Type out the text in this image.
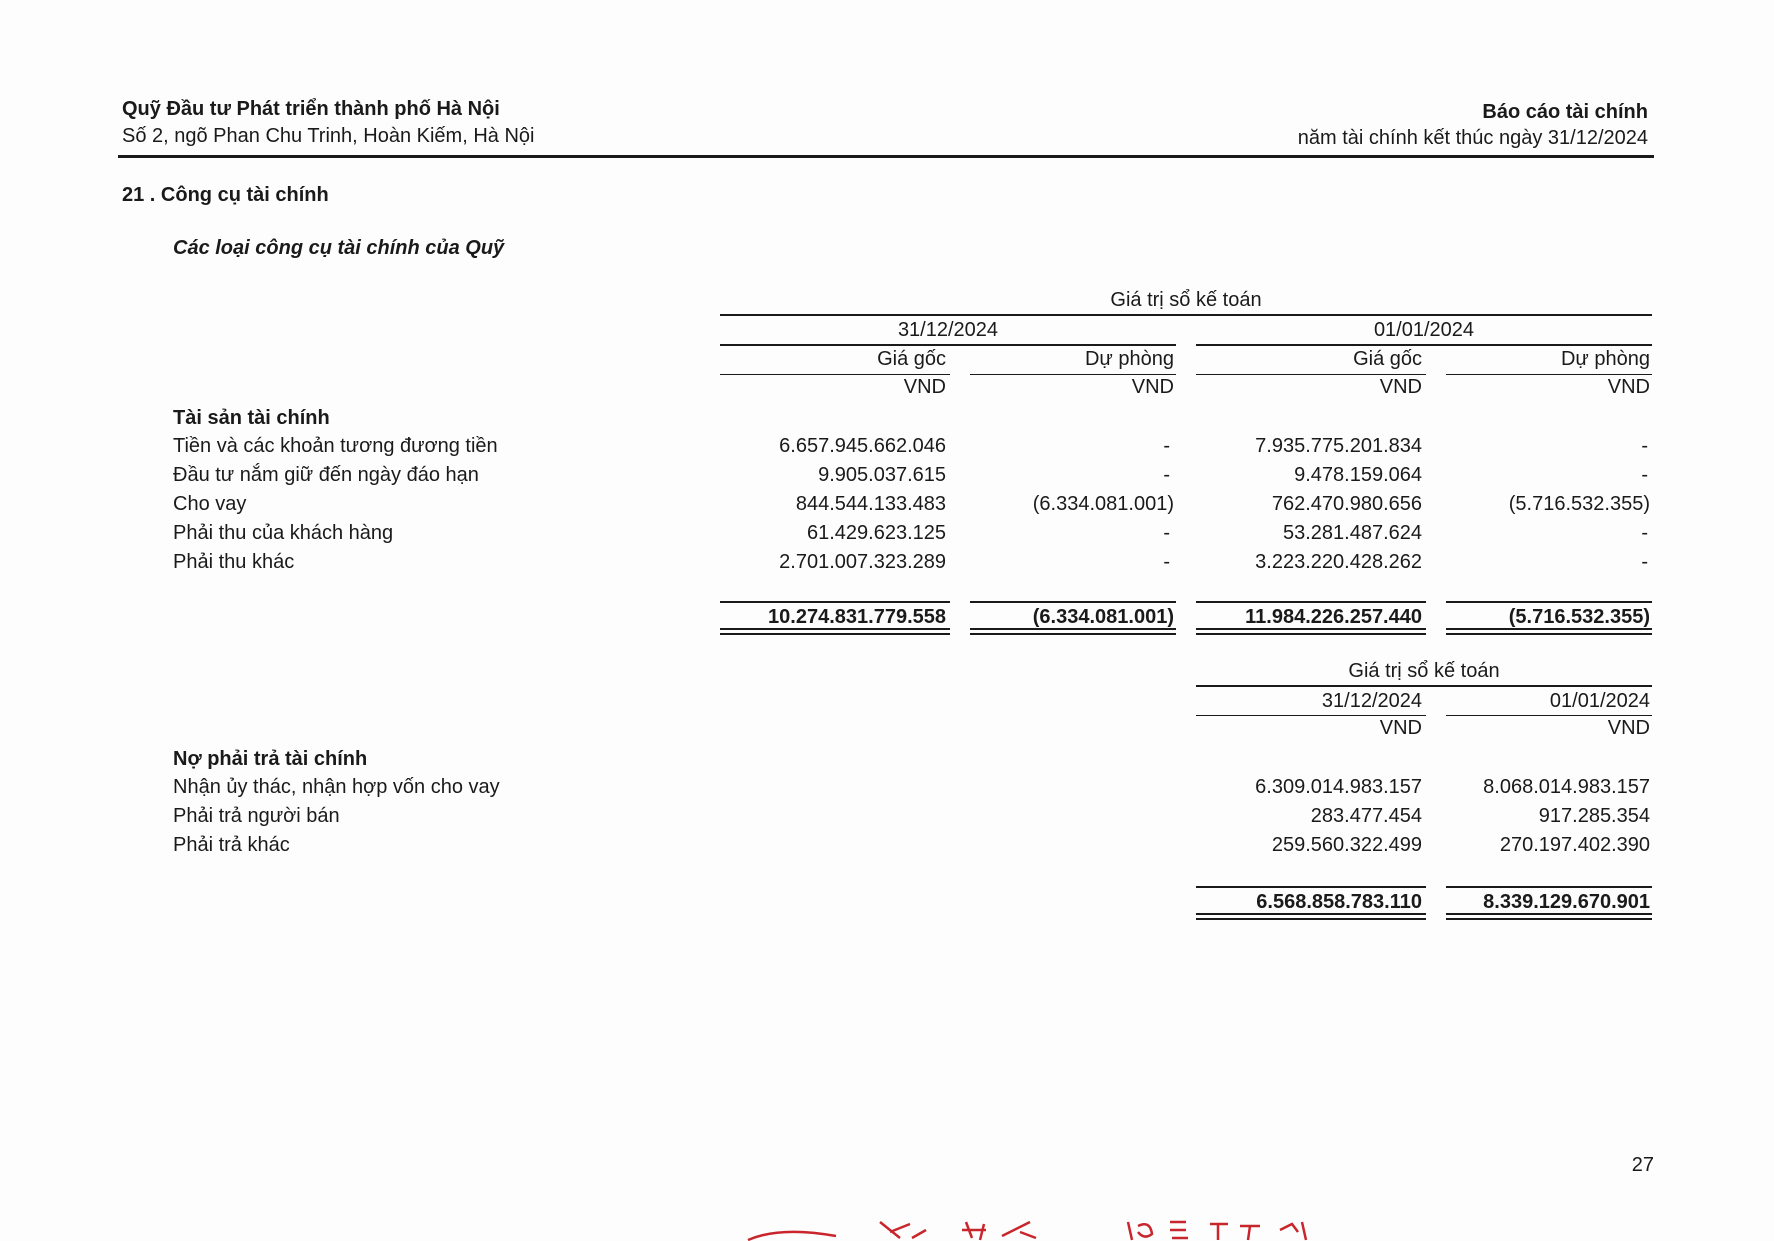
Quỹ Đầu tư Phát triển thành phố Hà Nội
Số 2, ngõ Phan Chu Trinh, Hoàn Kiếm, Hà Nội
Báo cáo tài chính
năm tài chính kết thúc ngày 31/12/2024
21 . Công cụ tài chính
Các loại công cụ tài chính của Quỹ
Giá trị sổ kế toán
31/12/2024	01/01/2024
Giá gốc	Dự phòng	Giá gốc	Dự phòng
VND	VND	VND	VND
Tài sản tài chính
Tiền và các khoản tương đương tiền	6.657.945.662.046	-	7.935.775.201.834	-
Đầu tư nắm giữ đến ngày đáo hạn	9.905.037.615	-	9.478.159.064	-
Cho vay	844.544.133.483	(6.334.081.001)	762.470.980.656	(5.716.532.355)
Phải thu của khách hàng	61.429.623.125	-	53.281.487.624	-
Phải thu khác	2.701.007.323.289	-	3.223.220.428.262	-
10.274.831.779.558	(6.334.081.001)	11.984.226.257.440	(5.716.532.355)
Giá trị sổ kế toán
31/12/2024	01/01/2024
VND	VND
Nợ phải trả tài chính
Nhận ủy thác, nhận hợp vốn cho vay	6.309.014.983.157	8.068.014.983.157
Phải trả người bán	283.477.454	917.285.354
Phải trả khác	259.560.322.499	270.197.402.390
6.568.858.783.110	8.339.129.670.901
27
